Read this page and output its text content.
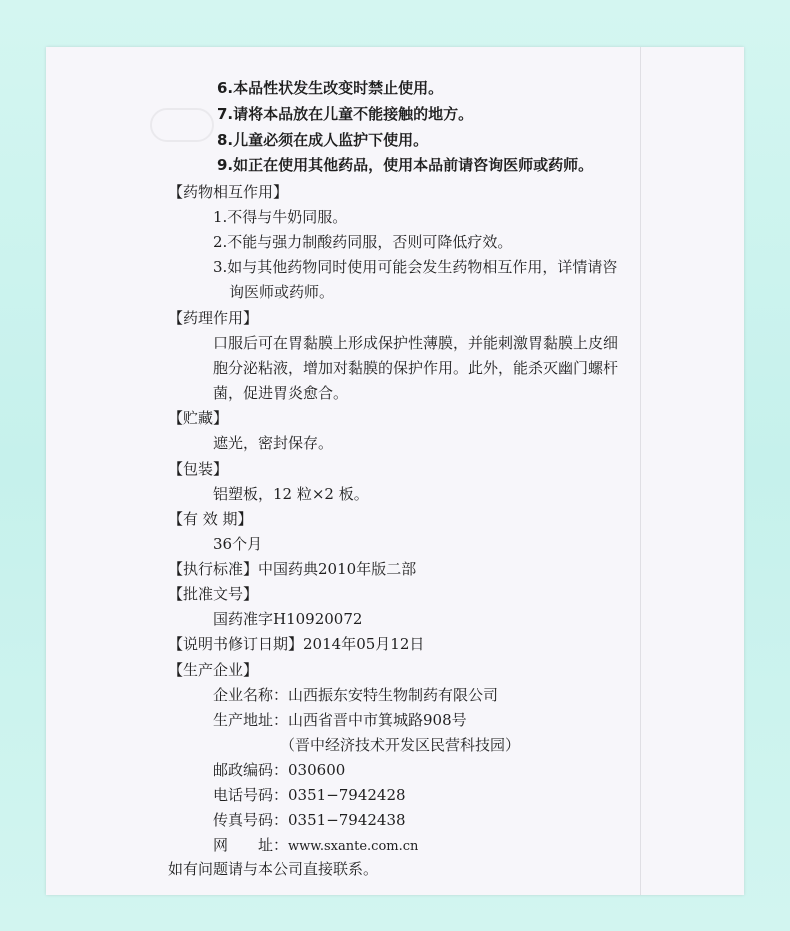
6.本品性状发生改变时禁止使用。
7.请将本品放在儿童不能接触的地方。
8.儿童必须在成人监护下使用。
9.如正在使用其他药品，使用本品前请咨询医师或药师。
【药物相互作用】
1.不得与牛奶同服。
2.不能与强力制酸药同服，否则可降低疗效。
3.如与其他药物同时使用可能会发生药物相互作用，详情请咨
询医师或药师。
【药理作用】
口服后可在胃黏膜上形成保护性薄膜，并能刺激胃黏膜上皮细
胞分泌粘液，增加对黏膜的保护作用。此外，能杀灭幽门螺杆
菌，促进胃炎愈合。
【贮藏】
遮光，密封保存。
【包装】
铝塑板，12 粒×2 板。
【有 效 期】
36个月
【执行标准】中国药典2010年版二部
【批准文号】
国药准字H10920072
【说明书修订日期】2014年05月12日
【生产企业】
企业名称：山西振东安特生物制药有限公司
生产地址：山西省晋中市箕城路908号
（晋中经济技术开发区民营科技园）
邮政编码：030600
电话号码：0351−7942428
传真号码：0351−7942438
网　　址：www.sxante.com.cn
如有问题请与本公司直接联系。
